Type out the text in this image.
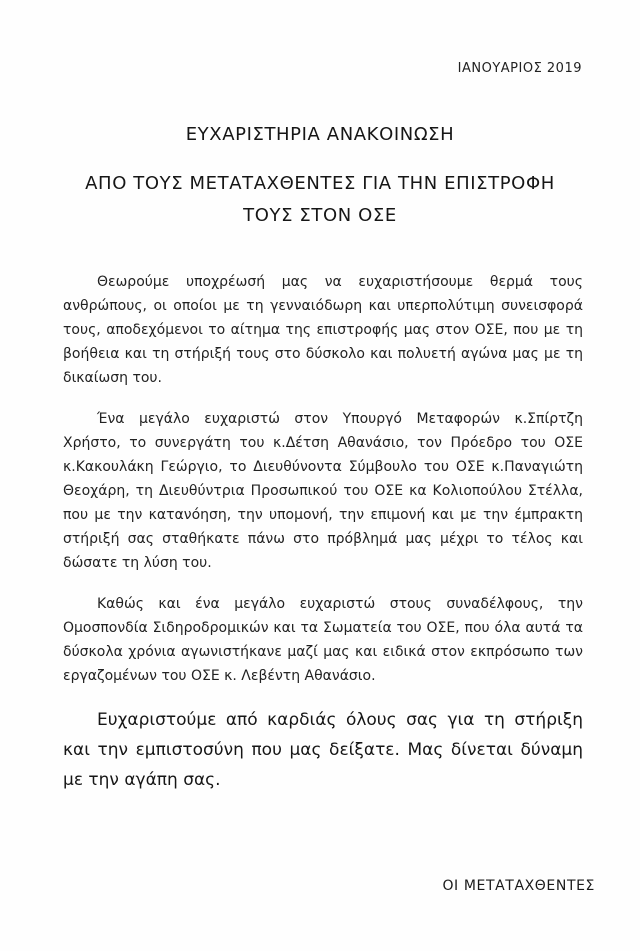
ΙΑΝΟΥΑΡΙΟΣ 2019
ΕΥΧΑΡΙΣΤΗΡΙΑ ΑΝΑΚΟΙΝΩΣΗ
ΑΠΟ ΤΟΥΣ ΜΕΤΑΤΑΧΘΕΝΤΕΣ ΓΙΑ ΤΗΝ ΕΠΙΣΤΡΟΦΗ
ΤΟΥΣ ΣΤΟΝ ΟΣΕ

Θεωρούμε υποχρέωσή μας να ευχαριστήσουμε θερμά τους ανθρώπους, οι οποίοι με τη γενναιόδωρη και υπερπολύτιμη συνεισφορά τους, αποδεχόμενοι το αίτημα της επιστροφής μας στον ΟΣΕ, που με τη βοήθεια και τη στήριξή τους στο δύσκολο και πολυετή αγώνα μας με τη δικαίωση του.

Ένα μεγάλο ευχαριστώ στον Υπουργό Μεταφορών κ.Σπίρτζη Χρήστο, το συνεργάτη του κ.Δέτση Αθανάσιο, τον Πρόεδρο του ΟΣΕ κ.Κακουλάκη Γεώργιο, το Διευθύνοντα Σύμβουλο του ΟΣΕ κ.Παναγιώτη Θεοχάρη, τη Διευθύντρια Προσωπικού του ΟΣΕ κα Κολιοπούλου Στέλλα, που με την κατανόηση, την υπομονή, την επιμονή και με την έμπρακτη στήριξή σας σταθήκατε πάνω στο πρόβλημά μας μέχρι το τέλος και δώσατε τη λύση του.

Καθώς και ένα μεγάλο ευχαριστώ στους συναδέλφους, την Ομοσπονδία Σιδηροδρομικών και τα Σωματεία του ΟΣΕ, που όλα αυτά τα δύσκολα χρόνια αγωνιστήκανε μαζί μας και ειδικά στον εκπρόσωπο των εργαζομένων του ΟΣΕ κ. Λεβέντη Αθανάσιο.

Ευχαριστούμε από καρδιάς όλους σας για τη στήριξη και την εμπιστοσύνη που μας δείξατε. Μας δίνεται δύναμη με την αγάπη σας.

ΟΙ ΜΕΤΑΤΑΧΘΕΝΤΕΣ
